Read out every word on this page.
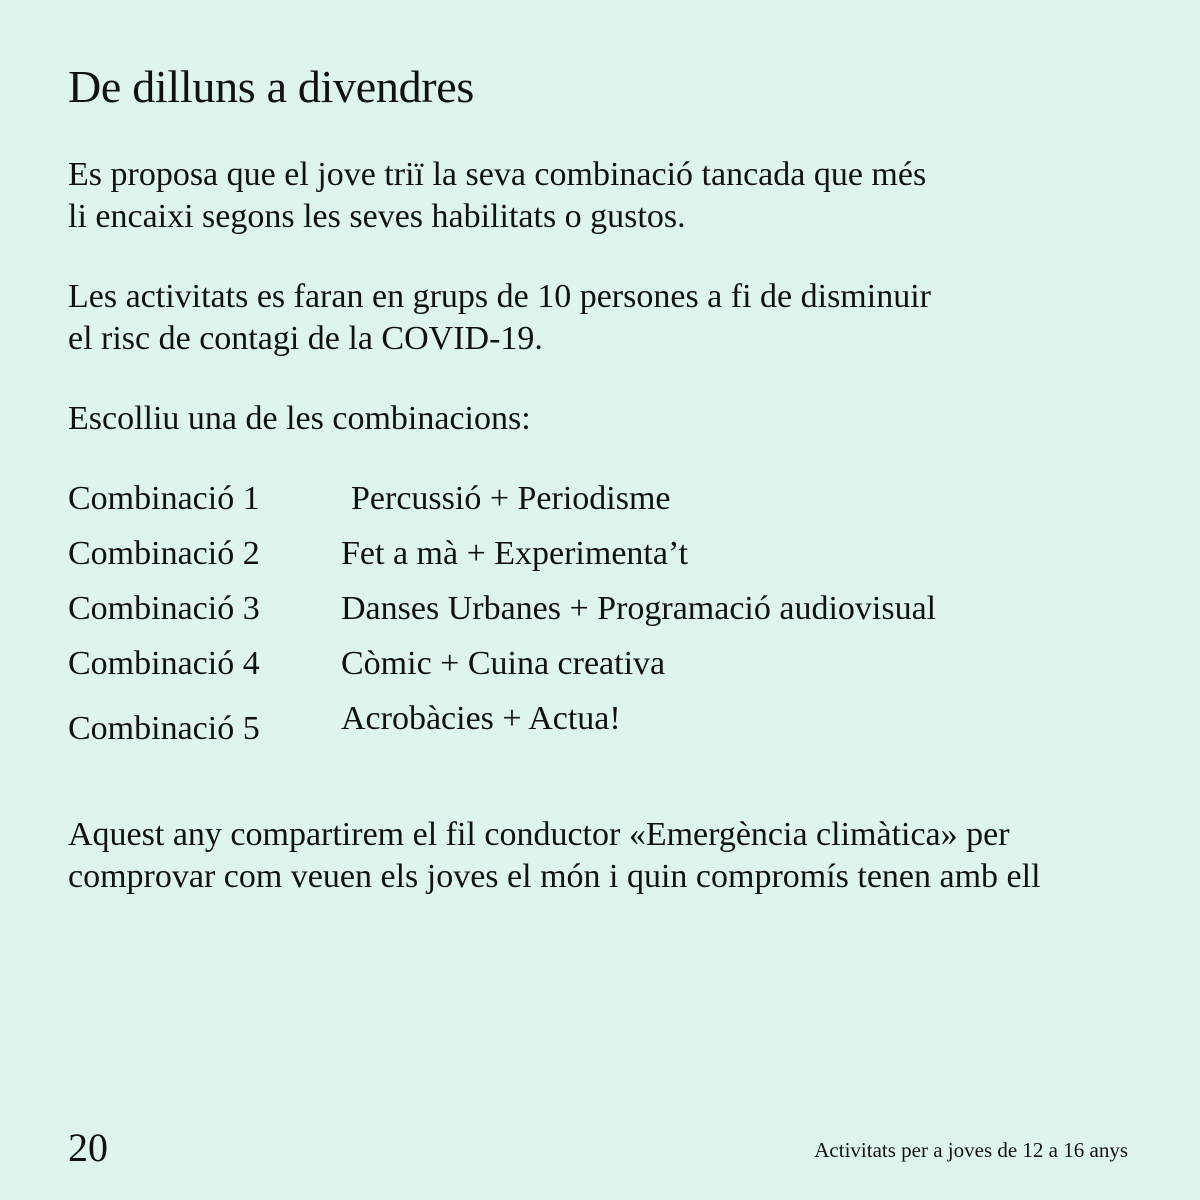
De dilluns a divendres

Es proposa que el jove triï la seva combinació tancada que més
li encaixi segons les seves habilitats o gustos.

Les activitats es faran en grups de 10 persones a fi de disminuir
el risc de contagi de la COVID-19.

Escolliu una de les combinacions:

Combinació 1	Percussió + Periodisme
Combinació 2 Fet a mà + Experimenta’t
Combinació 3 Danses Urbanes + Programació audiovisual
Combinació 4 Còmic + Cuina creativa
Combinació 5 Acrobàcies + Actua!

Aquest any compartirem el fil conductor «Emergència climàtica» per
comprovar com veuen els joves el món i quin compromís tenen amb ell

20	Activitats per a joves de 12 a 16 anys
